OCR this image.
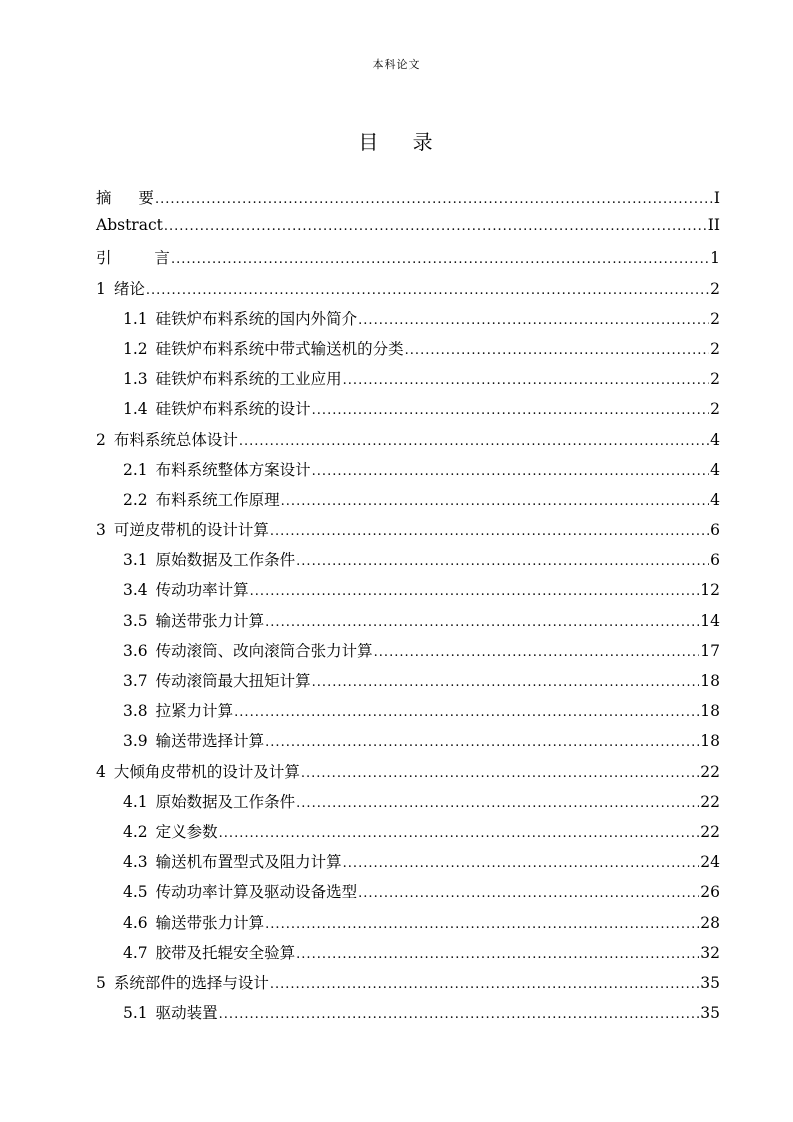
本科论文
目 录
摘 要 .....	I
Abstract .....	II
引 言 .....	1
1 绪论 .....	2
1.1 硅铁炉布料系统的国内外简介 .....	2
1.2 硅铁炉布料系统中带式输送机的分类 .....	2
1.3 硅铁炉布料系统的工业应用 .....	2
1.4 硅铁炉布料系统的设计 .....	2
2 布料系统总体设计 .....	4
2.1 布料系统整体方案设计 .....	4
2.2 布料系统工作原理 .....	4
3 可逆皮带机的设计计算 .....	6
3.1 原始数据及工作条件 .....	6
3.4 传动功率计算 .....	12
3.5 输送带张力计算 .....	14
3.6 传动滚筒、改向滚筒合张力计算 .....	17
3.7 传动滚筒最大扭矩计算 .....	18
3.8 拉紧力计算 .....	18
3.9 输送带选择计算 .....	18
4 大倾角皮带机的设计及计算 .....	22
4.1 原始数据及工作条件 .....	22
4.2 定义参数 .....	22
4.3 输送机布置型式及阻力计算 .....	24
4.5 传动功率计算及驱动设备选型 .....	26
4.6 输送带张力计算 .....	28
4.7 胶带及托辊安全验算 .....	32
5 系统部件的选择与设计 .....	35
5.1 驱动装置 .....	35
